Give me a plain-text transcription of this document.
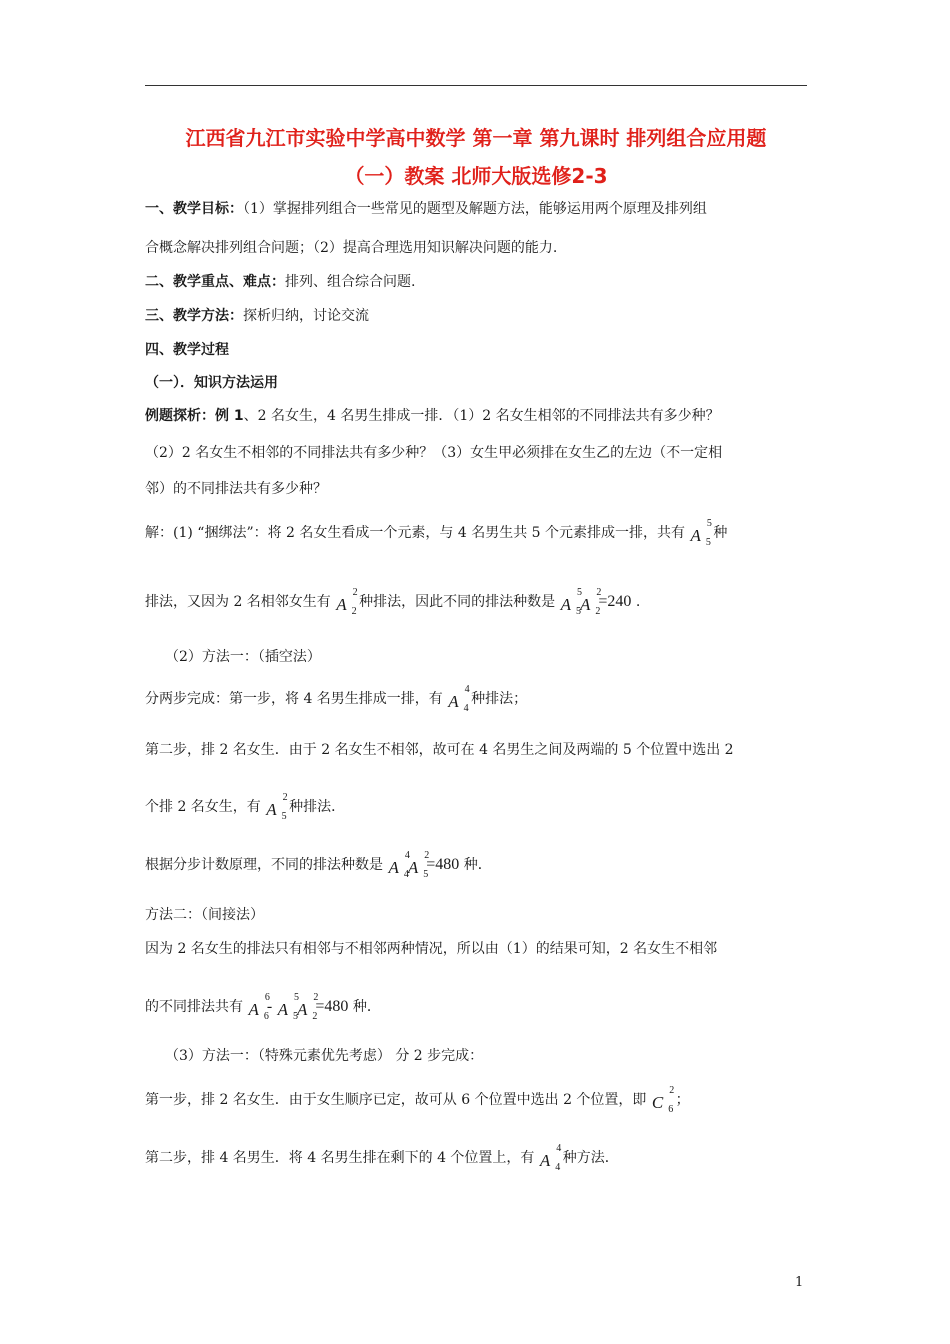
江西省九江市实验中学高中数学 第一章 第九课时 排列组合应用题
（一）教案 北师大版选修2-3
一、教学目标：（1）掌握排列组合一些常见的题型及解题方法，能够运用两个原理及排列组
合概念解决排列组合问题；（2）提高合理选用知识解决问题的能力.
二、教学重点、难点：排列、组合综合问题.
三、教学方法：探析归纳，讨论交流
四、教学过程
（一）．知识方法运用
例题探析：例 1、2 名女生，4 名男生排成一排．（1）2 名女生相邻的不同排法共有多少种？
（2）2 名女生不相邻的不同排法共有多少种？（3）女生甲必须排在女生乙的左边（不一定相
邻）的不同排法共有多少种？
解：(1) “捆绑法”：将 2 名女生看成一个元素，与 4 名男生共 5 个元素排成一排，共有 A
5
5
种
排法，又因为 2 名相邻女生有 A
2
2
种排法，因此不同的排法种数是 A
5
5 A
2
2
=240 .
（2）方法一：（插空法）
分两步完成：第一步，将 4 名男生排成一排，有 A
4
4
种排法；
第二步，排 2 名女生．由于 2 名女生不相邻，故可在 4 名男生之间及两端的 5 个位置中选出 2
个排 2 名女生，有 A
2
5
种排法．
根据分步计数原理，不同的排法种数是 A
4
4 A
2
5
=480 种．
方法二：（间接法）
因为 2 名女生的排法只有相邻与不相邻两种情况，所以由（1）的结果可知，2 名女生不相邻
的不同排法共有 A
6
6
- A
5
5 A
2
2
=480 种．
（3）方法一：（特殊元素优先考虑） 分 2 步完成：
第一步，排 2 名女生．由于女生顺序已定，故可从 6 个位置中选出 2 个位置，即 C
2
6
；
第二步，排 4 名男生．将 4 名男生排在剩下的 4 个位置上，有 A
4
4
种方法．
1
